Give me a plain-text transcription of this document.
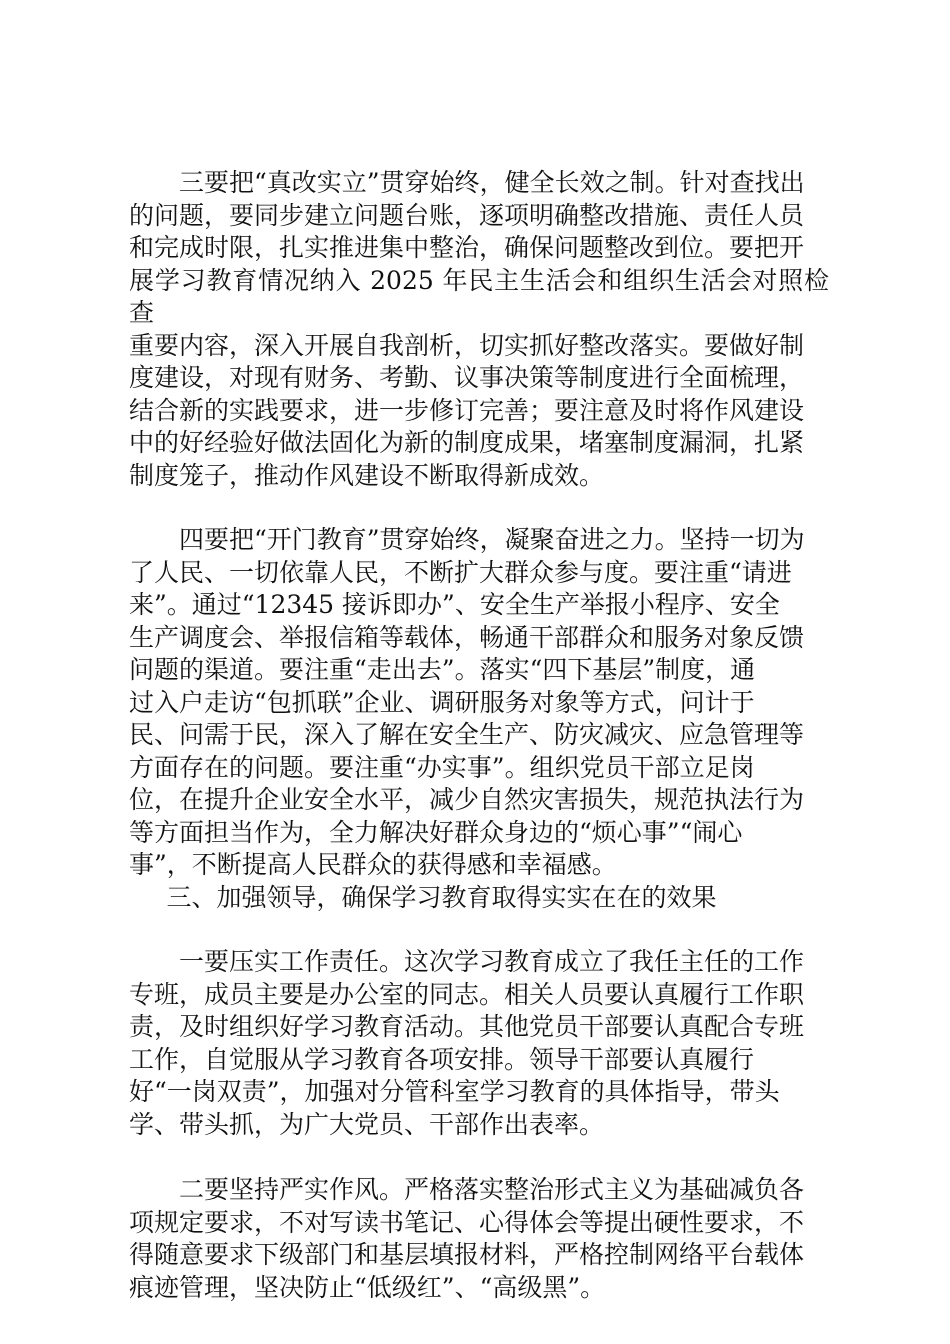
三要把“真改实立”贯穿始终，健全长效之制。针对查找出
的问题，要同步建立问题台账，逐项明确整改措施、责任人员
和完成时限，扎实推进集中整治，确保问题整改到位。要把开
展学习教育情况纳入 2025 年民主生活会和组织生活会对照检查
重要内容，深入开展自我剖析，切实抓好整改落实。要做好制
度建设，对现有财务、考勤、议事决策等制度进行全面梳理，
结合新的实践要求，进一步修订完善；要注意及时将作风建设
中的好经验好做法固化为新的制度成果，堵塞制度漏洞，扎紧
制度笼子，推动作风建设不断取得新成效。

四要把“开门教育”贯穿始终，凝聚奋进之力。坚持一切为
了人民、一切依靠人民，不断扩大群众参与度。要注重“请进
来”。通过“12345 接诉即办”、安全生产举报小程序、安全
生产调度会、举报信箱等载体，畅通干部群众和服务对象反馈
问题的渠道。要注重“走出去”。落实“四下基层”制度，通
过入户走访“包抓联”企业、调研服务对象等方式，问计于
民、问需于民，深入了解在安全生产、防灾减灾、应急管理等
方面存在的问题。要注重“办实事”。组织党员干部立足岗
位，在提升企业安全水平，减少自然灾害损失，规范执法行为
等方面担当作为，全力解决好群众身边的“烦心事”“闹心
事”，不断提高人民群众的获得感和幸福感。

三、加强领导，确保学习教育取得实实在在的效果

一要压实工作责任。这次学习教育成立了我任主任的工作
专班，成员主要是办公室的同志。相关人员要认真履行工作职
责，及时组织好学习教育活动。其他党员干部要认真配合专班
工作，自觉服从学习教育各项安排。领导干部要认真履行
好“一岗双责”，加强对分管科室学习教育的具体指导，带头
学、带头抓，为广大党员、干部作出表率。

二要坚持严实作风。严格落实整治形式主义为基础减负各
项规定要求，不对写读书笔记、心得体会等提出硬性要求，不
得随意要求下级部门和基层填报材料，严格控制网络平台载体
痕迹管理，坚决防止“低级红”、“高级黑”。
